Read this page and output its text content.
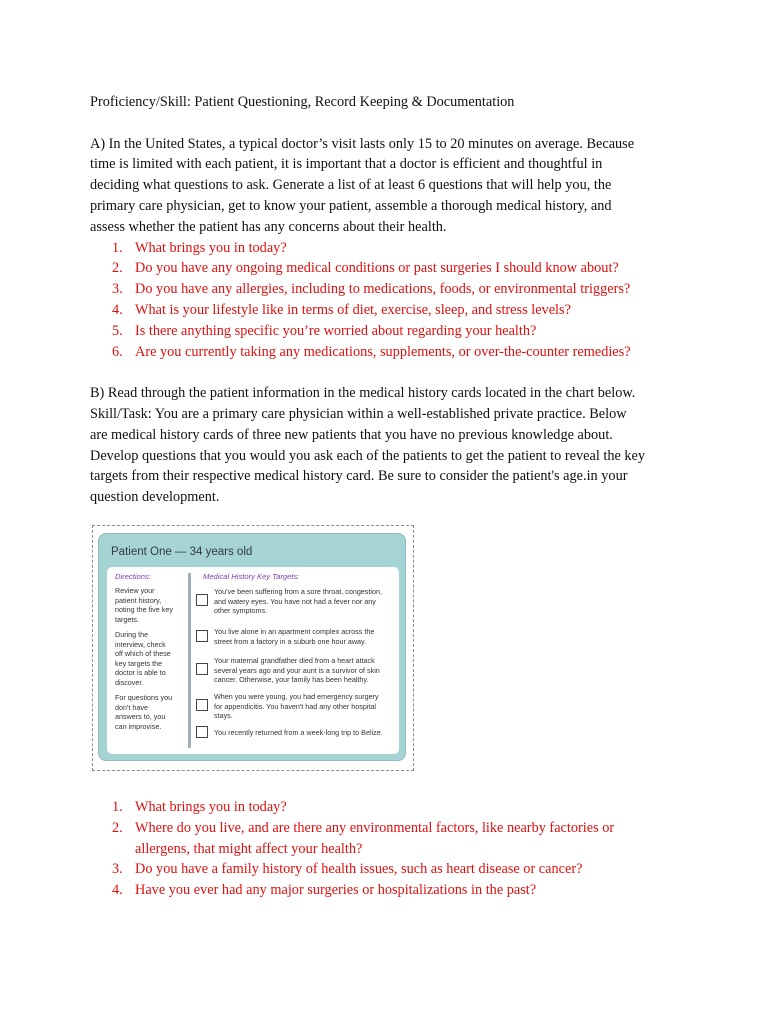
Proficiency/Skill: Patient Questioning, Record Keeping & Documentation

A) In the United States, a typical doctor’s visit lasts only 15 to 20 minutes on average. Because

time is limited with each patient, it is important that a doctor is efficient and thoughtful in

deciding what questions to ask. Generate a list of at least 6 questions that will help you, the

primary care physician, get to know your patient, assemble a thorough medical history, and

assess whether the patient has any concerns about their health.

1. What brings you in today?
2. Do you have any ongoing medical conditions or past surgeries I should know about?
3. Do you have any allergies, including to medications, foods, or environmental triggers?
4. What is your lifestyle like in terms of diet, exercise, sleep, and stress levels?
5. Is there anything specific you’re worried about regarding your health?
6. Are you currently taking any medications, supplements, or over-the-counter remedies?

B) Read through the patient information in the medical history cards located in the chart below.

Skill/Task: You are a primary care physician within a well-established private practice. Below

are medical history cards of three new patients that you have no previous knowledge about.

Develop questions that you would you ask each of the patients to get the patient to reveal the key

targets from their respective medical history card. Be sure to consider the patient's age.in your

question development.

Patient One — 34 years old
Directions:
Review your
patient history,
noting the five key
targets.
During the
interview, check
off which of these
key targets the
doctor is able to
discover.
For questions you
don't have
answers to, you
can improvise.
Medical History Key Targets:
You've been suffering from a sore throat, congestion,
and watery eyes. You have not had a fever nor any
other symptoms.
You live alone in an apartment complex across the
street from a factory in a suburb one hour away.
Your maternal grandfather died from a heart attack
several years ago and your aunt is a survivor of skin
cancer. Otherwise, your family has been healthy.
When you were young, you had emergency surgery
for appendicitis. You haven't had any other hospital
stays.
You recently returned from a week-long trip to Belize.
1. What brings you in today?
2. Where do you live, and are there any environmental factors, like nearby factories or
allergens, that might affect your health?
3. Do you have a family history of health issues, such as heart disease or cancer?
4. Have you ever had any major surgeries or hospitalizations in the past?
